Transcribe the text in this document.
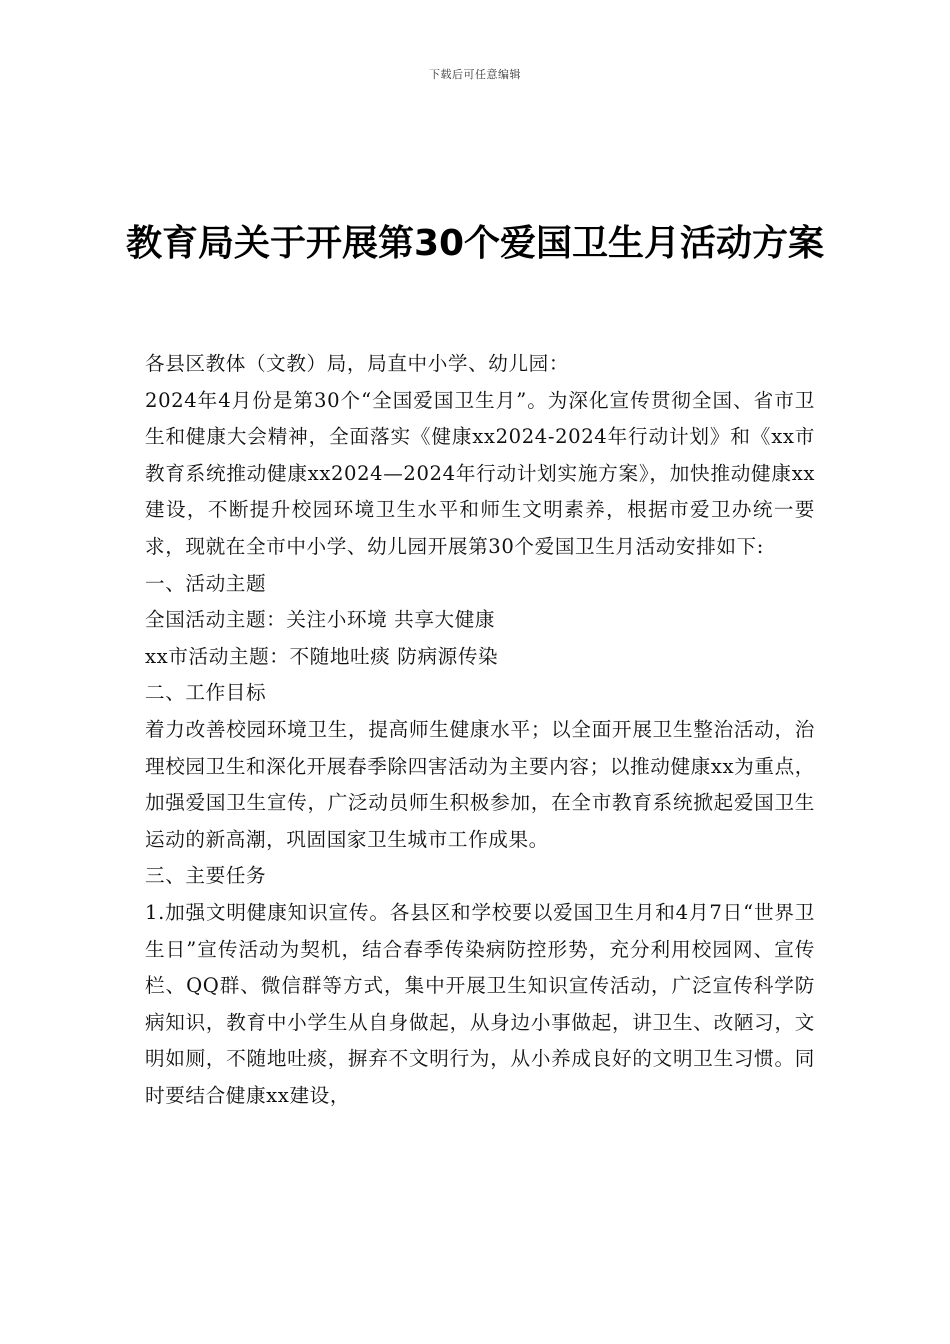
下载后可任意编辑
教育局关于开展第30个爱国卫生月活动方案

各县区教体（文教）局，局直中小学、幼儿园：

2024年4月份是第30个“全国爱国卫生月”。为深化宣传贯彻全国、省市卫生和健康大会精神，全面落实《健康xx2024-2024年行动计划》和《xx市教育系统推动健康xx2024—2024年行动计划实施方案》，加快推动健康xx建设，不断提升校园环境卫生水平和师生文明素养，根据市爱卫办统一要求，现就在全市中小学、幼儿园开展第30个爱国卫生月活动安排如下:

一、活动主题

全国活动主题：关注小环境 共享大健康

xx市活动主题：不随地吐痰 防病源传染

二、工作目标

着力改善校园环境卫生，提高师生健康水平；以全面开展卫生整治活动，治理校园卫生和深化开展春季除四害活动为主要内容；以推动健康xx为重点，加强爱国卫生宣传，广泛动员师生积极参加，在全市教育系统掀起爱国卫生运动的新高潮，巩固国家卫生城市工作成果。

三、主要任务

1.加强文明健康知识宣传。各县区和学校要以爱国卫生月和4月7日“世界卫生日”宣传活动为契机，结合春季传染病防控形势，充分利用校园网、宣传栏、QQ群、微信群等方式，集中开展卫生知识宣传活动，广泛宣传科学防病知识，教育中小学生从自身做起，从身边小事做起，讲卫生、改陋习，文明如厕，不随地吐痰，摒弃不文明行为，从小养成良好的文明卫生习惯。同时要结合健康xx建设，
